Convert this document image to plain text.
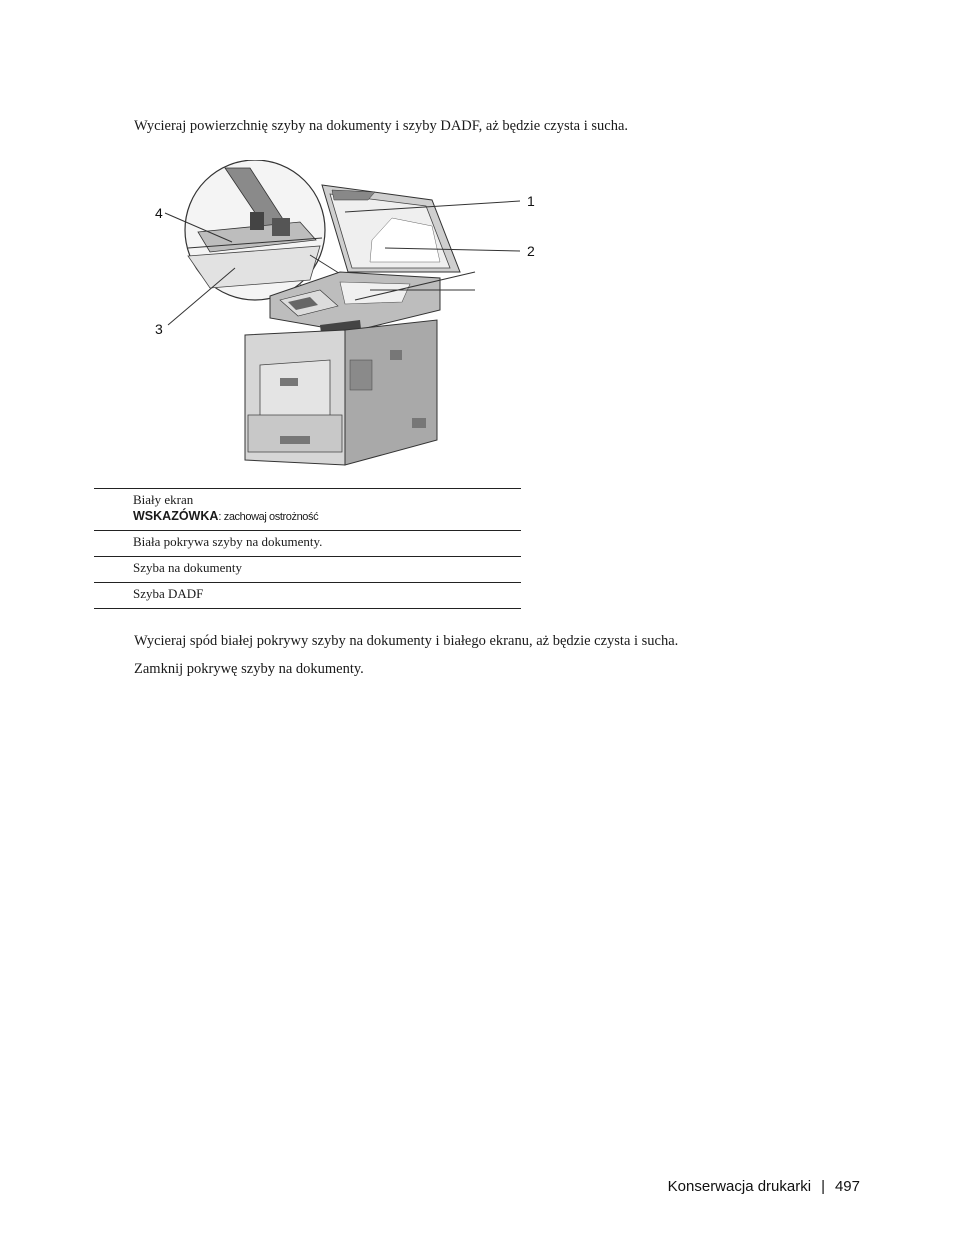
Wycieraj powierzchnię szyby na dokumenty i szyby DADF, aż będzie czysta i sucha.

1
2
3
4
Biały ekran
WSKAZÓWKA: zachowaj ostrożność

Biała pokrywa szyby na dokumenty.
Szyba na dokumenty
Szyba DADF

Wycieraj spód białej pokrywy szyby na dokumenty i białego ekranu, aż będzie czysta i sucha.

Zamknij pokrywę szyby na dokumenty.

Konserwacja drukarki | 497
